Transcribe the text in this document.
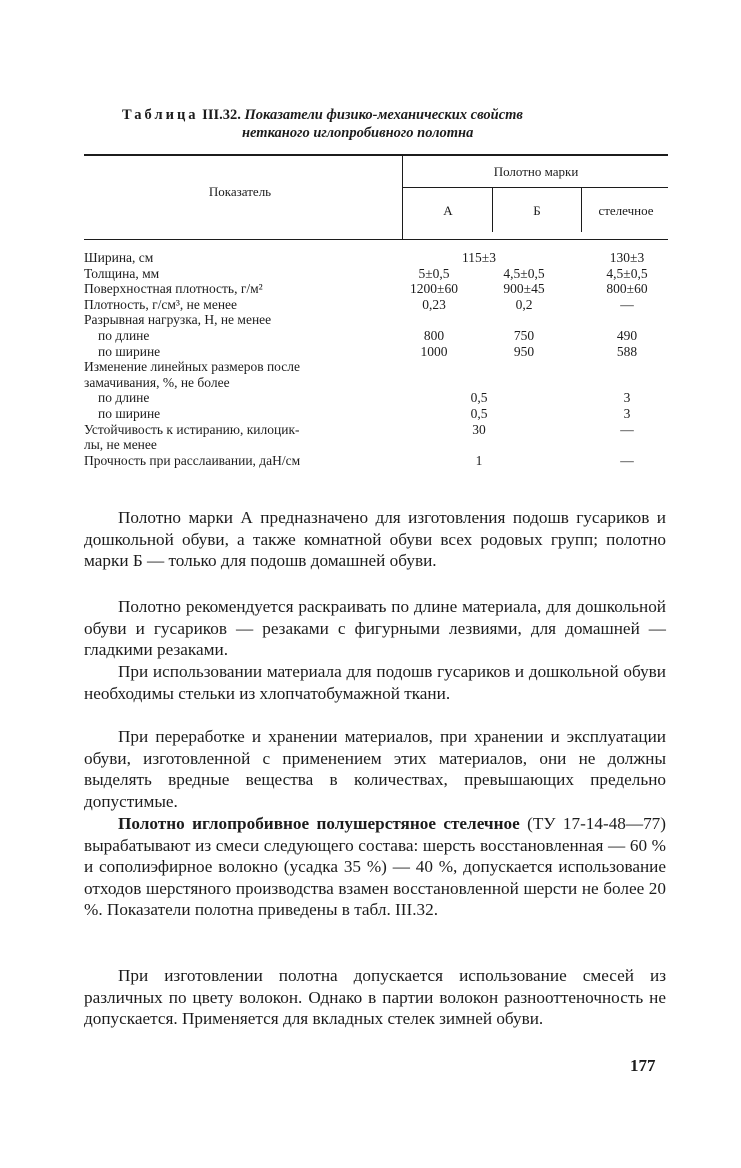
Таблица III.32. Показатели физико-механических свойств
нетканого иглопробивного полотна
Показатель
Полотно марки
А	Б	стелечное
Ширина, см	115±3	130±3
Толщина, мм	5±0,5	4,5±0,5	4,5±0,5
Поверхностная плотность, г/м²	1200±60	900±45	800±60
Плотность, г/см³, не менее	0,23	0,2	—
Разрывная нагрузка, Н, не менее
по длине	800	750	490
по ширине	1000	950	588
Изменение линейных размеров после
замачивания, %, не более
по длине	0,5	3
по ширине	0,5	3
Устойчивость к истиранию, килоцик-	30	—
лы, не менее
Прочность при расслаивании, даН/см	1	—
Полотно марки А предназначено для изготовления подошв гусариков и дошкольной обуви, а также комнатной обуви всех родовых групп; полотно марки Б — только для подошв домашней обуви.
Полотно рекомендуется раскраивать по длине материала, для дошкольной обуви и гусариков — резаками с фигурными лезвиями, для домашней — гладкими резаками.
При использовании материала для подошв гусариков и дошкольной обуви необходимы стельки из хлопчатобумажной ткани.
При переработке и хранении материалов, при хранении и эксплуатации обуви, изготовленной с применением этих материалов, они не должны выделять вредные вещества в количествах, превышающих предельно допустимые.
Полотно иглопробивное полушерстяное стелечное (ТУ 17-14-48—77) вырабатывают из смеси следующего состава: шерсть восстановленная — 60 % и сополиэфирное волокно (усадка 35 %) — 40 %, допускается использование отходов шерстяного производства взамен восстановленной шерсти не более 20 %. Показатели полотна приведены в табл. III.32.
При изготовлении полотна допускается использование смесей из различных по цвету волокон. Однако в партии волокон разнооттеночность не допускается. Применяется для вкладных стелек зимней обуви.
177
